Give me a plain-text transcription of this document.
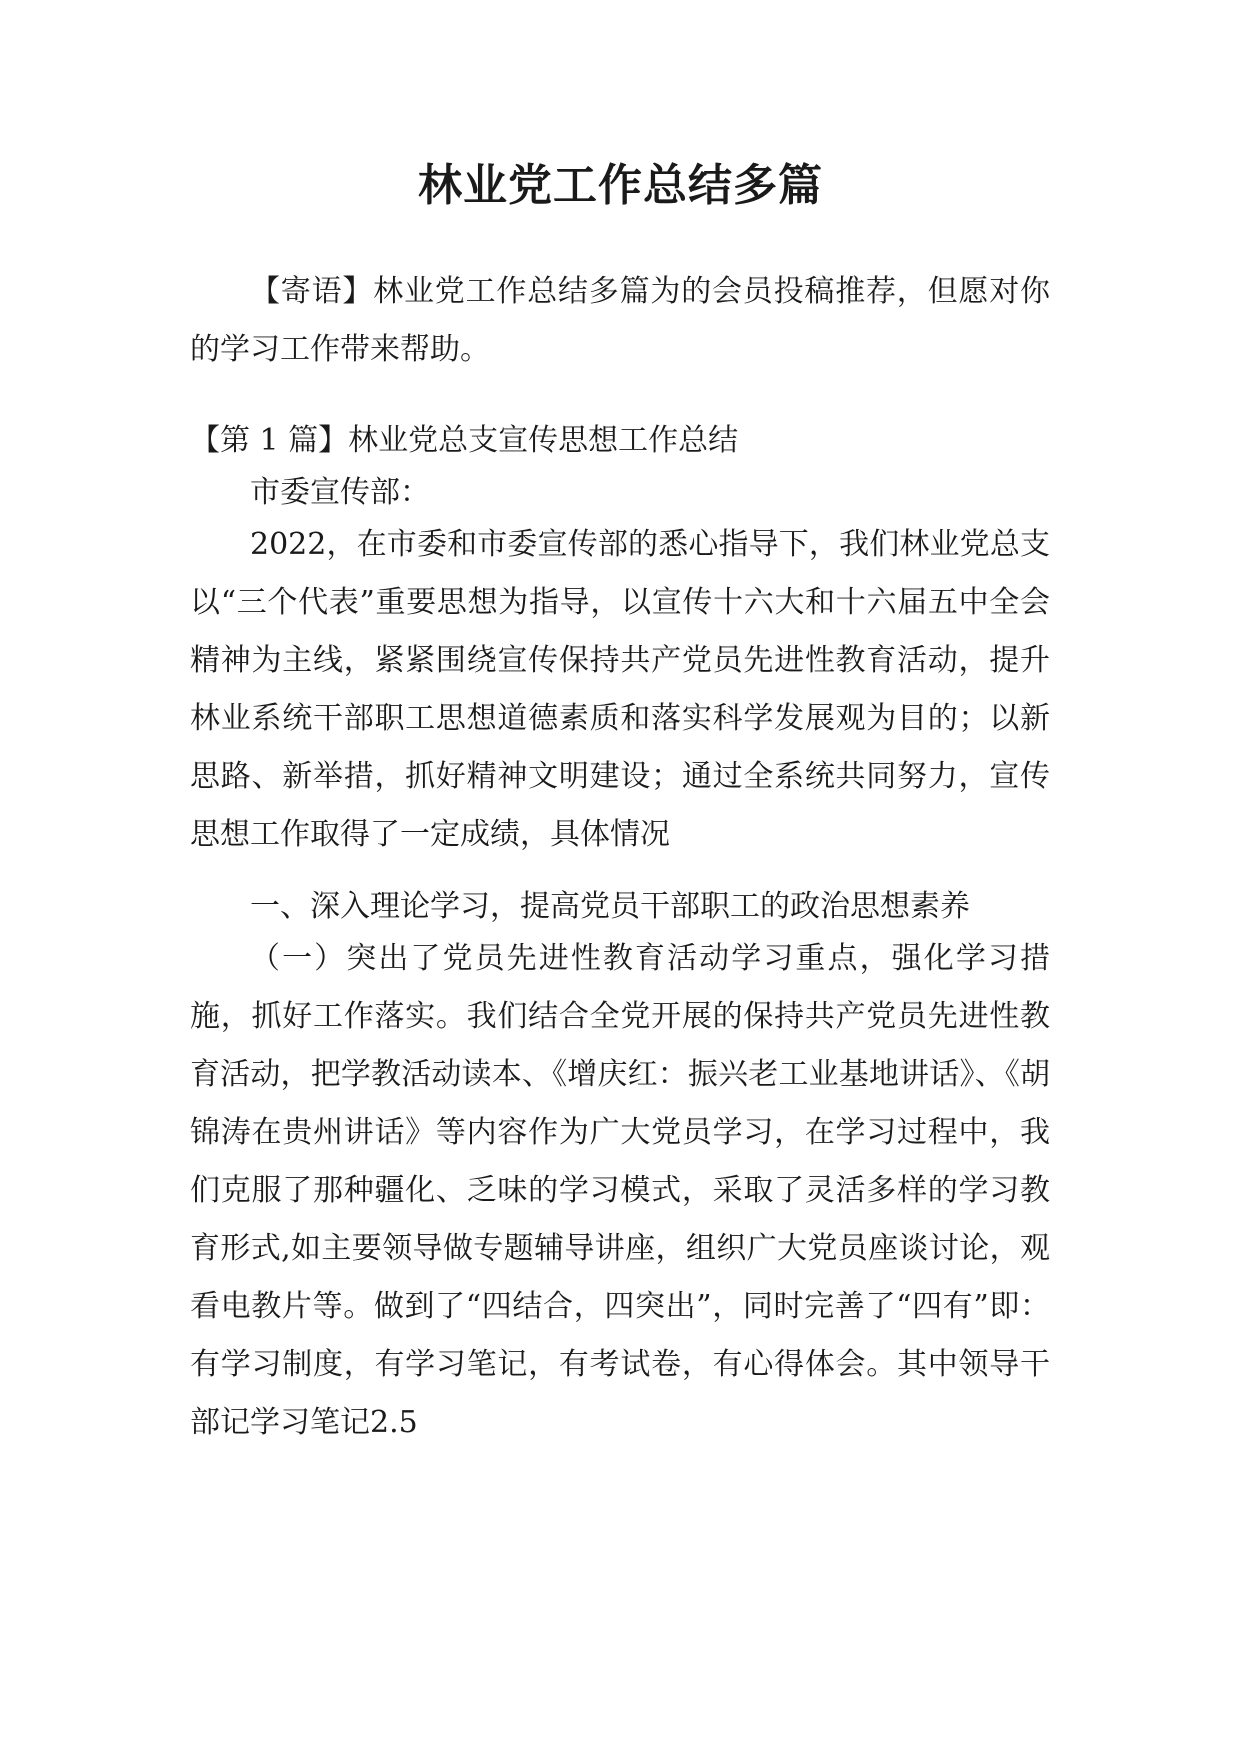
林业党工作总结多篇
【寄语】林业党工作总结多篇为的会员投稿推荐，但愿对你的学习工作带来帮助。
【第 1 篇】林业党总支宣传思想工作总结
市委宣传部：
2022，在市委和市委宣传部的悉心指导下，我们林业党总支以“三个代表”重要思想为指导，以宣传十六大和十六届五中全会精神为主线，紧紧围绕宣传保持共产党员先进性教育活动，提升林业系统干部职工思想道德素质和落实科学发展观为目的；以新思路、新举措，抓好精神文明建设；通过全系统共同努力，宣传思想工作取得了一定成绩，具体情况
一、深入理论学习，提高党员干部职工的政治思想素养
（一）突出了党员先进性教育活动学习重点，强化学习措施，抓好工作落实。我们结合全党开展的保持共产党员先进性教育活动，把学教活动读本、《增庆红：振兴老工业基地讲话》、《胡锦涛在贵州讲话》等内容作为广大党员学习，在学习过程中，我们克服了那种疆化、乏味的学习模式，采取了灵活多样的学习教育形式,如主要领导做专题辅导讲座，组织广大党员座谈讨论，观看电教片等。做到了“四结合，四突出”，同时完善了“四有”即：有学习制度，有学习笔记，有考试卷，有心得体会。其中领导干部记学习笔记2.5
